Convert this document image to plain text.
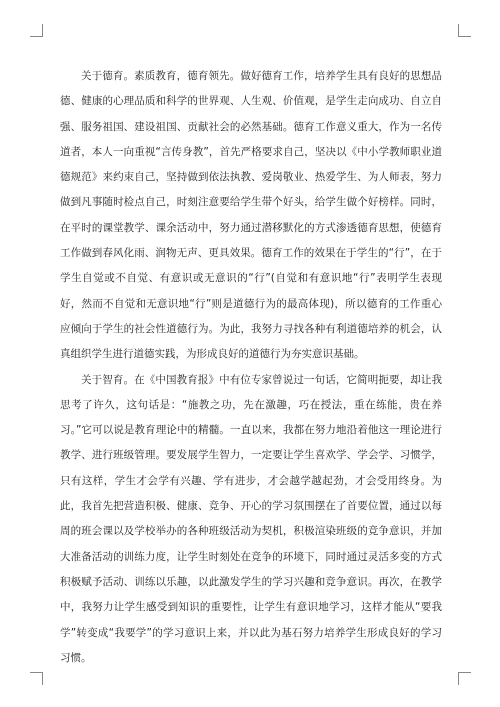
关于德育。素质教育，德育领先。做好德育工作，培养学生具有良好的思想品德、健康的心理品质和科学的世界观、人生观、价值观，是学生走向成功、自立自强、服务祖国、建设祖国、贡献社会的必然基础。德育工作意义重大，作为一名传道者，本人一向重视“言传身教”，首先严格要求自己，坚决以《中小学教师职业道德规范》来约束自己，坚持做到依法执教、爱岗敬业、热爱学生、为人师表，努力做到凡事随时检点自己，时刻注意要给学生带个好头，给学生做个好榜样。同时，在平时的课堂教学、课余活动中，努力通过潜移默化的方式渗透德育思想，使德育工作做到春风化雨、润物无声、更具效果。德育工作的效果在于学生的“行”，在于学生自觉或不自觉、有意识或无意识的“行”(自觉和有意识地“行”表明学生表现好，然而不自觉和无意识地“行”则是道德行为的最高体现)，所以德育的工作重心应倾向于学生的社会性道德行为。为此，我努力寻找各种有利道德培养的机会，认真组织学生进行道德实践，为形成良好的道德行为夯实意识基础。

关于智育。在《中国教育报》中有位专家曾说过一句话，它简明扼要，却让我思考了许久，这句话是：“施教之功，先在激趣，巧在授法，重在练能，贵在养习。”它可以说是教育理论中的精髓。一直以来，我都在努力地沿着他这一理论进行教学、进行班级管理。要发展学生智力，一定要让学生喜欢学、学会学、习惯学，只有这样，学生才会学有兴趣、学有进步，才会越学越起劲，才会受用终身。为此，我首先把营造积极、健康、竞争、开心的学习氛围摆在了首要位置，通过以每周的班会课以及学校举办的各种班级活动为契机，积极渲染班级的竞争意识，并加大准备活动的训练力度，让学生时刻处在竞争的环境下，同时通过灵活多变的方式积极赋予活动、训练以乐趣，以此激发学生的学习兴趣和竞争意识。再次，在教学中，我努力让学生感受到知识的重要性，让学生有意识地学习，这样才能从“要我学”转变成“我要学”的学习意识上来，并以此为基石努力培养学生形成良好的学习习惯。
